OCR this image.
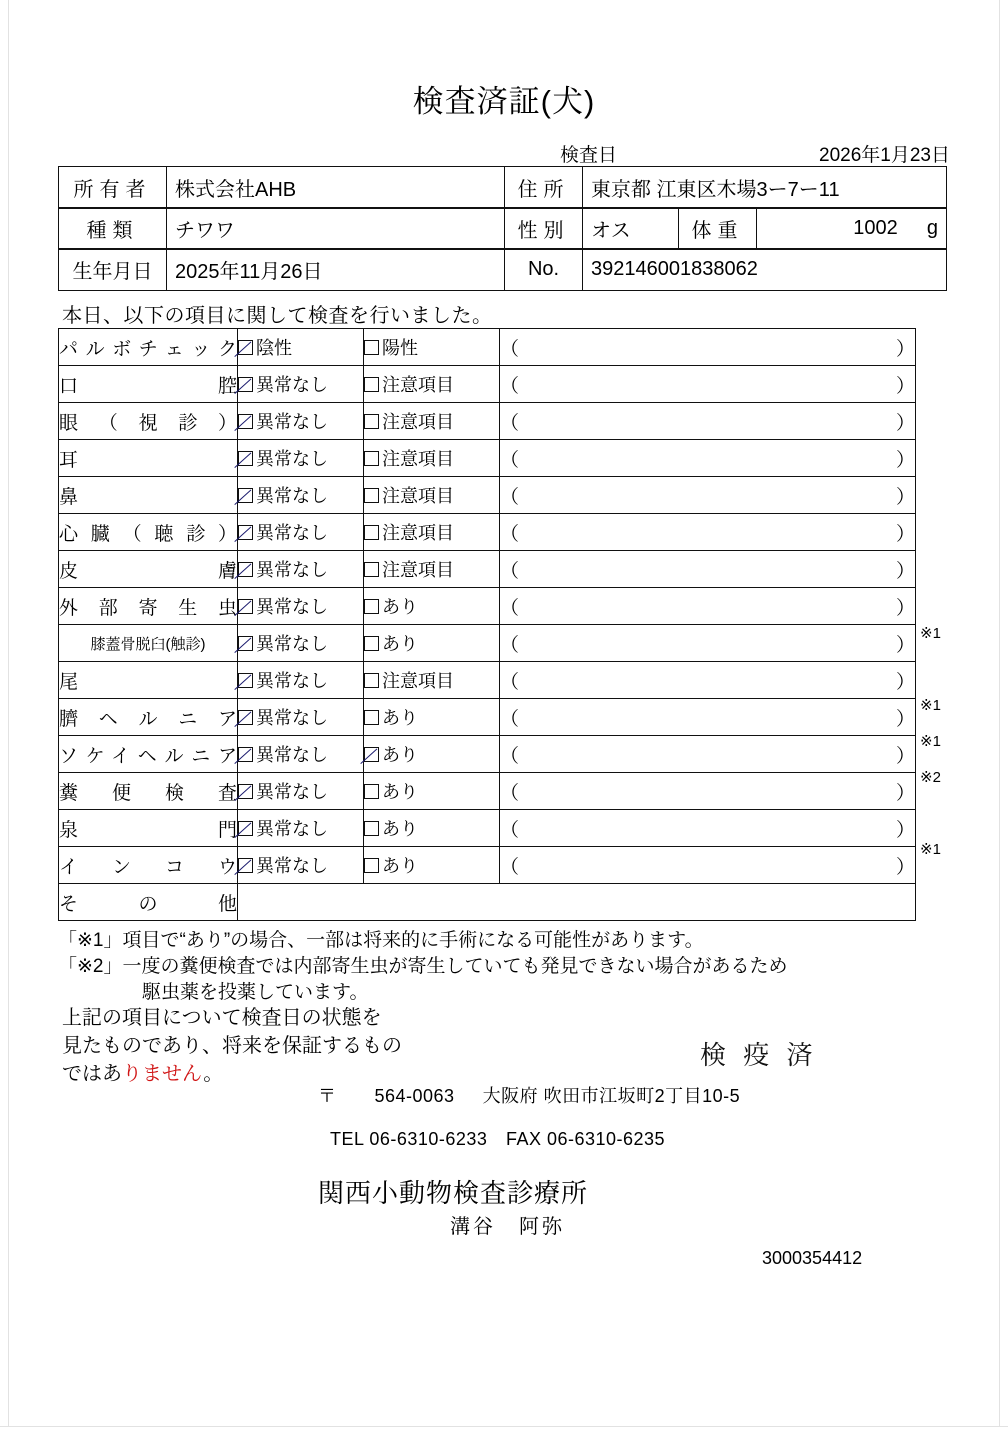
検査済証(犬)
検査日	2026年1月23日
所有者	株式会社AHB	住所	東京都 江東区木場3ー7ー11
種類	チワワ	性別	オス	体重	1002 g
生年月日	2025年11月26日	No.	392146001838062
本日、以下の項目に関して検査を行いました。
パルボチェック	陰性	陽性	（ ）

口腔	異常なし	注意項目	（ ）

眼（視診）	異常なし	注意項目	（ ）

耳	異常なし	注意項目	（ ）

鼻	異常なし	注意項目	（ ）

心臓（聴診）	異常なし	注意項目	（ ）

皮膚	異常なし	注意項目	（ ）

外部寄生虫	異常なし	あり	（ ）

膝蓋骨脱臼(触診)	異常なし	あり	（ ）

尾	異常なし	注意項目	（ ）

臍ヘルニア	異常なし	あり	（ ）

ソケイヘルニア	異常なし	あり	（ ）

糞便検査	異常なし	あり	（ ）

泉門	異常なし	あり	（ ）

インコウ	異常なし	あり	（ ）

その他			
※1
※1
※1
※2
※1
「※1」項目で“あり”の場合、一部は将来的に手術になる可能性があります。
「※2」一度の糞便検査では内部寄生虫が寄生していても発見できない場合があるため
駆虫薬を投薬しています。
上記の項目について検査日の状態を
見たものであり、将来を保証するもの
ではありません。
検 疫 済
〒 564-0063 大阪府 吹田市江坂町2丁目10-5
TEL 06-6310-6233　FAX 06-6310-6235
関西小動物検査診療所
溝谷　阿弥
3000354412
